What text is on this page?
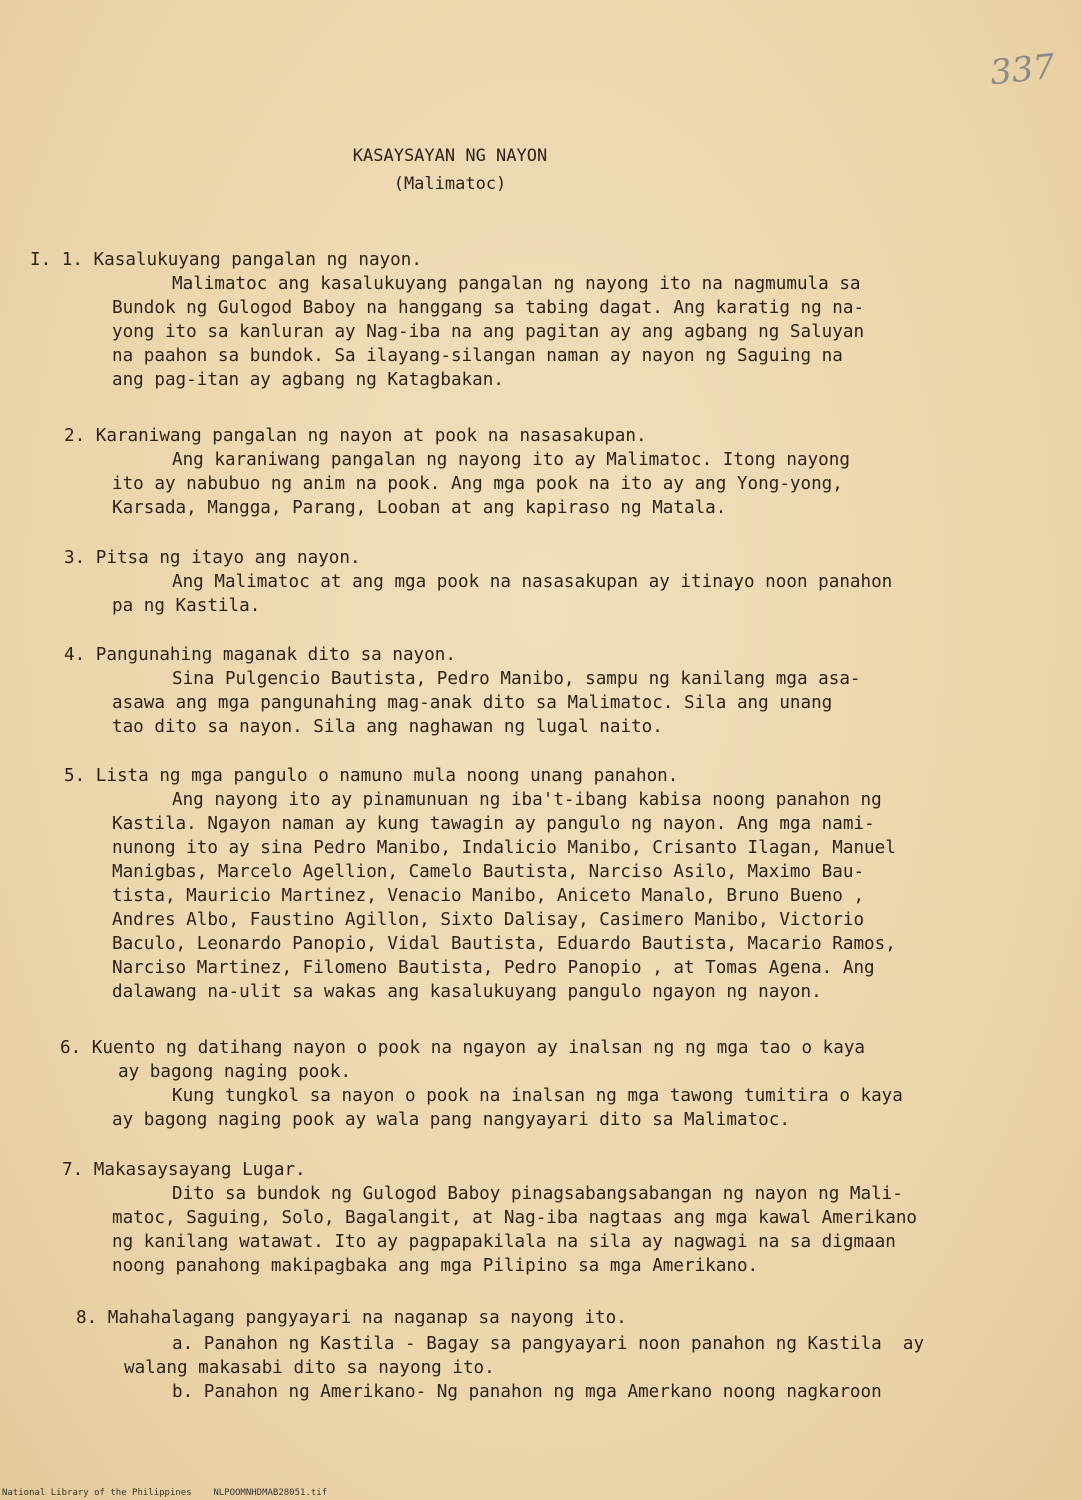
337
KASAYSAYAN NG NAYON
(Malimatoc)
I. 1. Kasalukuyang pangalan ng nayon.
Malimatoc ang kasalukuyang pangalan ng nayong ito na nagmumula sa
Bundok ng Gulogod Baboy na hanggang sa tabing dagat. Ang karatig ng na-
yong ito sa kanluran ay Nag-iba na ang pagitan ay ang agbang ng Saluyan
na paahon sa bundok. Sa ilayang-silangan naman ay nayon ng Saguing na
ang pag-itan ay agbang ng Katagbakan.
2. Karaniwang pangalan ng nayon at pook na nasasakupan.
Ang karaniwang pangalan ng nayong ito ay Malimatoc. Itong nayong
ito ay nabubuo ng anim na pook. Ang mga pook na ito ay ang Yong-yong,
Karsada, Mangga, Parang, Looban at ang kapiraso ng Matala.
3. Pitsa ng itayo ang nayon.
Ang Malimatoc at ang mga pook na nasasakupan ay itinayo noon panahon
pa ng Kastila.
4. Pangunahing maganak dito sa nayon.
Sina Pulgencio Bautista, Pedro Manibo, sampu ng kanilang mga asa-
asawa ang mga pangunahing mag-anak dito sa Malimatoc. Sila ang unang
tao dito sa nayon. Sila ang naghawan ng lugal naito.
5. Lista ng mga pangulo o namuno mula noong unang panahon.
Ang nayong ito ay pinamunuan ng iba't-ibang kabisa noong panahon ng
Kastila. Ngayon naman ay kung tawagin ay pangulo ng nayon. Ang mga nami-
nunong ito ay sina Pedro Manibo, Indalicio Manibo, Crisanto Ilagan, Manuel
Manigbas, Marcelo Agellion, Camelo Bautista, Narciso Asilo, Maximo Bau-
tista, Mauricio Martinez, Venacio Manibo, Aniceto Manalo, Bruno Bueno ,
Andres Albo, Faustino Agillon, Sixto Dalisay, Casimero Manibo, Victorio
Baculo, Leonardo Panopio, Vidal Bautista, Eduardo Bautista, Macario Ramos,
Narciso Martinez, Filomeno Bautista, Pedro Panopio , at Tomas Agena. Ang
dalawang na-ulit sa wakas ang kasalukuyang pangulo ngayon ng nayon.
6. Kuento ng datihang nayon o pook na ngayon ay inalsan ng ng mga tao o kaya
ay bagong naging pook.
Kung tungkol sa nayon o pook na inalsan ng mga tawong tumitira o kaya
ay bagong naging pook ay wala pang nangyayari dito sa Malimatoc.
7. Makasaysayang Lugar.
Dito sa bundok ng Gulogod Baboy pinagsabangsabangan ng nayon ng Mali-
matoc, Saguing, Solo, Bagalangit, at Nag-iba nagtaas ang mga kawal Amerikano
ng kanilang watawat. Ito ay pagpapakilala na sila ay nagwagi na sa digmaan
noong panahong makipagbaka ang mga Pilipino sa mga Amerikano.
8. Mahahalagang pangyayari na naganap sa nayong ito.
a. Panahon ng Kastila - Bagay sa pangyayari noon panahon ng Kastila  ay
walang makasabi dito sa nayong ito.
b. Panahon ng Amerikano- Ng panahon ng mga Amerkano noong nagkaroon
National Library of the Philippines    NLPOOMNHDMAB28051.tif
